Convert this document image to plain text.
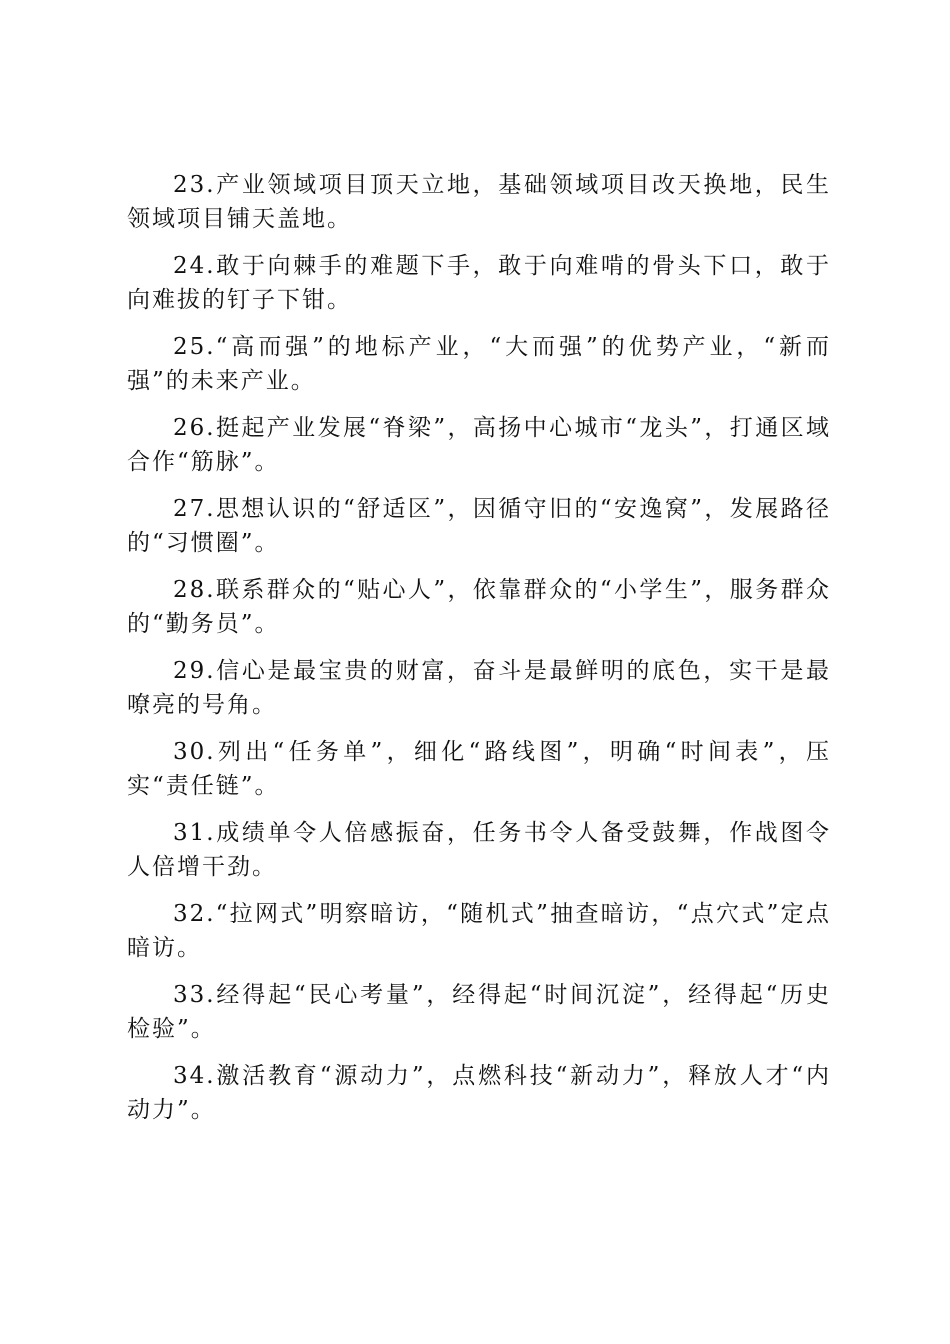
23.产业领域项目顶天立地，基础领域项目改天换地，民生领域项目铺天盖地。

24.敢于向棘手的难题下手，敢于向难啃的骨头下口，敢于向难拔的钉子下钳。

25.“高而强”的地标产业，“大而强”的优势产业，“新而强”的未来产业。

26.挺起产业发展“脊梁”，高扬中心城市“龙头”，打通区域合作“筋脉”。

27.思想认识的“舒适区”，因循守旧的“安逸窝”，发展路径的“习惯圈”。

28.联系群众的“贴心人”，依靠群众的“小学生”，服务群众的“勤务员”。

29.信心是最宝贵的财富，奋斗是最鲜明的底色，实干是最嘹亮的号角。

30.列出“任务单”，细化“路线图”，明确“时间表”，压实“责任链”。

31.成绩单令人倍感振奋，任务书令人备受鼓舞，作战图令人倍增干劲。

32.“拉网式”明察暗访，“随机式”抽查暗访，“点穴式”定点暗访。

33.经得起“民心考量”，经得起“时间沉淀”，经得起“历史检验”。

34.激活教育“源动力”，点燃科技“新动力”，释放人才“内动力”。
